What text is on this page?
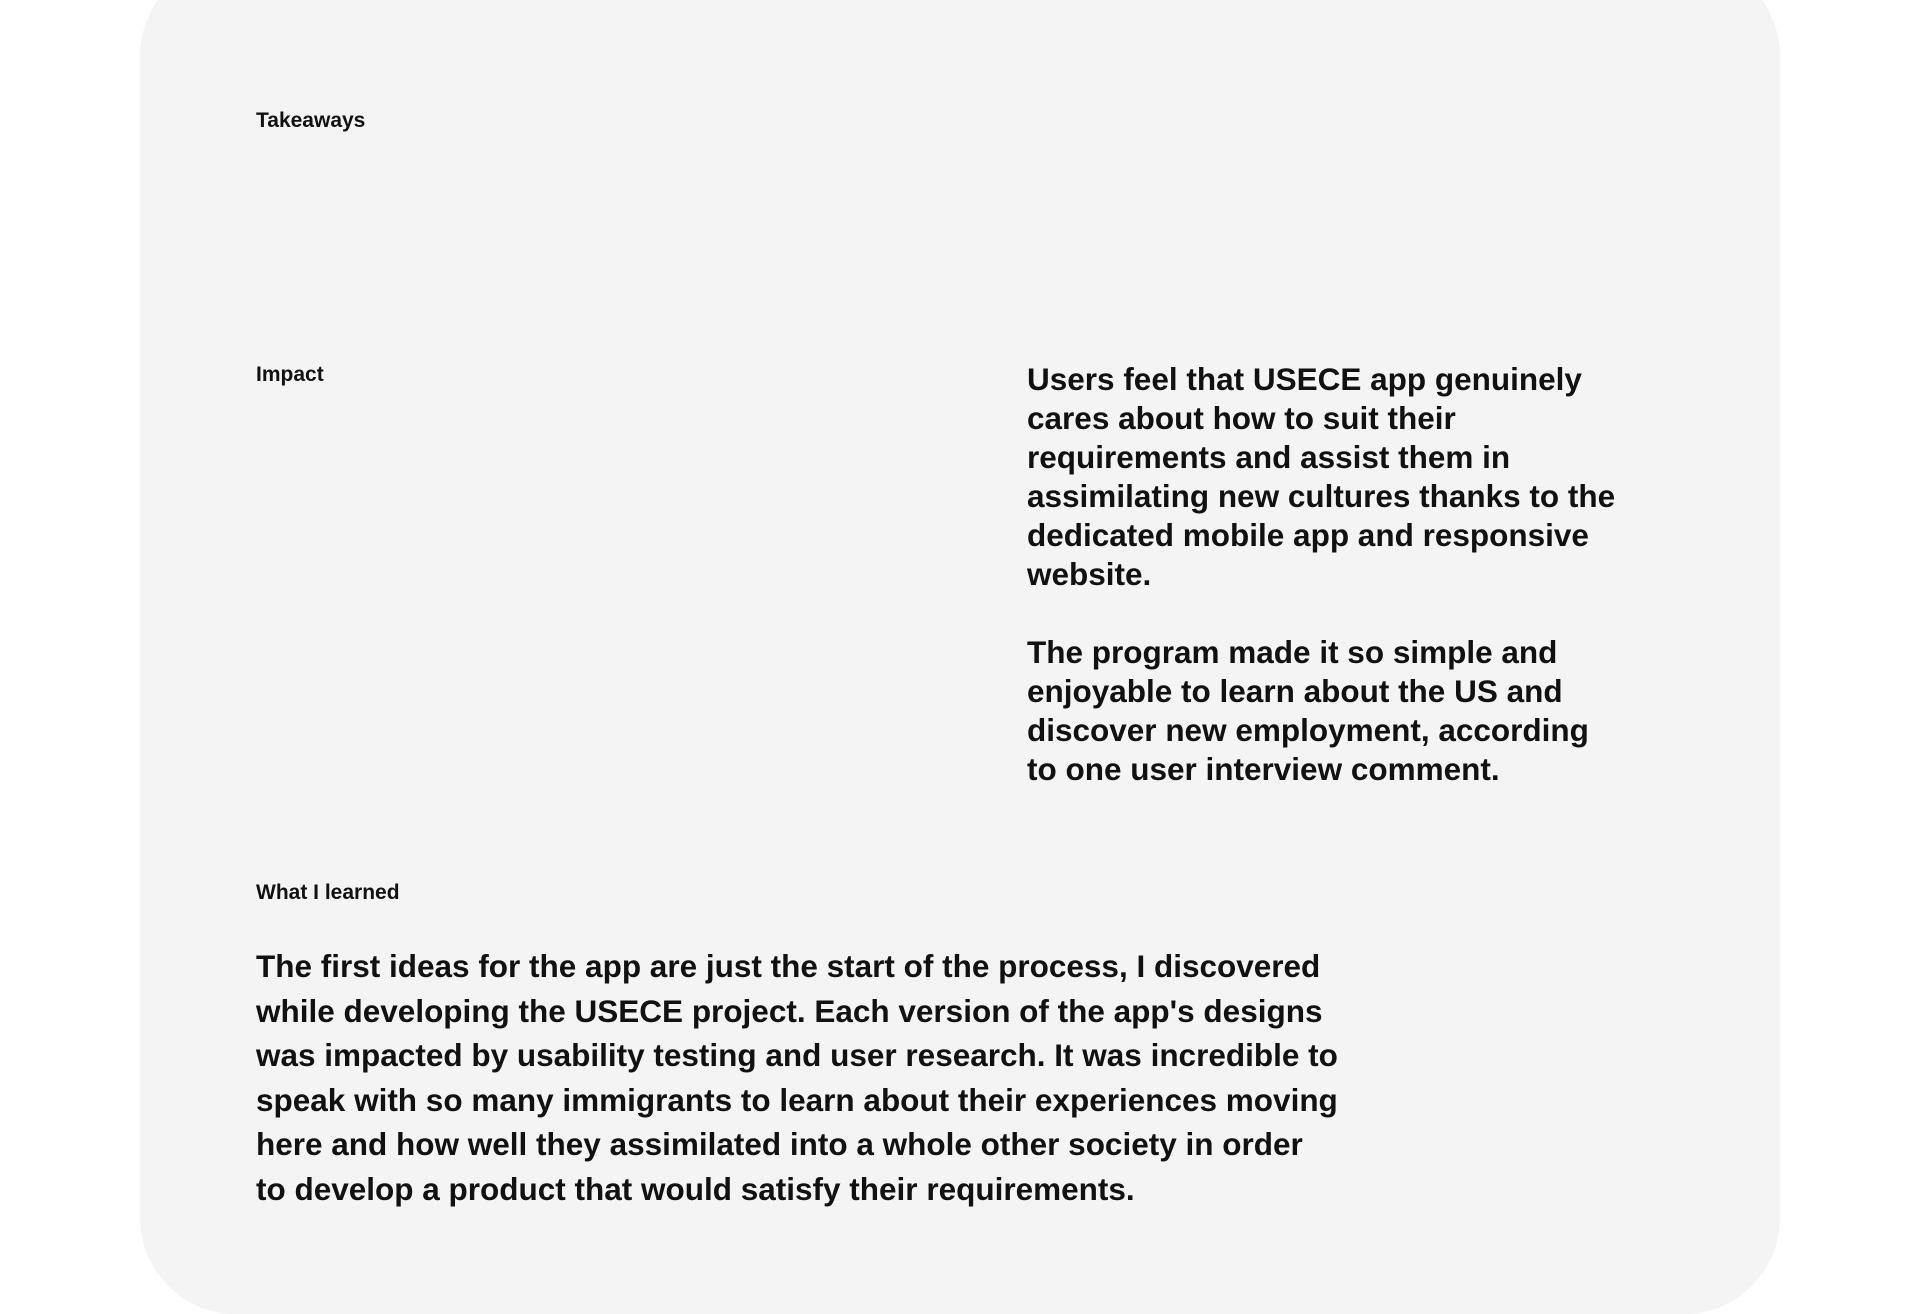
Takeaways
Impact	Users feel that USECE app genuinely cares about how to suit their requirements and assist them in assimilating new cultures thanks to the dedicated mobile app and responsive website.

The program made it so simple and enjoyable to learn about the US and discover new employment, according to one user interview comment.

What I learned
The first ideas for the app are just the start of the process, I discovered
while developing the USECE project. Each version of the app's designs
was impacted by usability testing and user research. It was incredible to
speak with so many immigrants to learn about their experiences moving
here and how well they assimilated into a whole other society in order
to develop a product that would satisfy their requirements.
